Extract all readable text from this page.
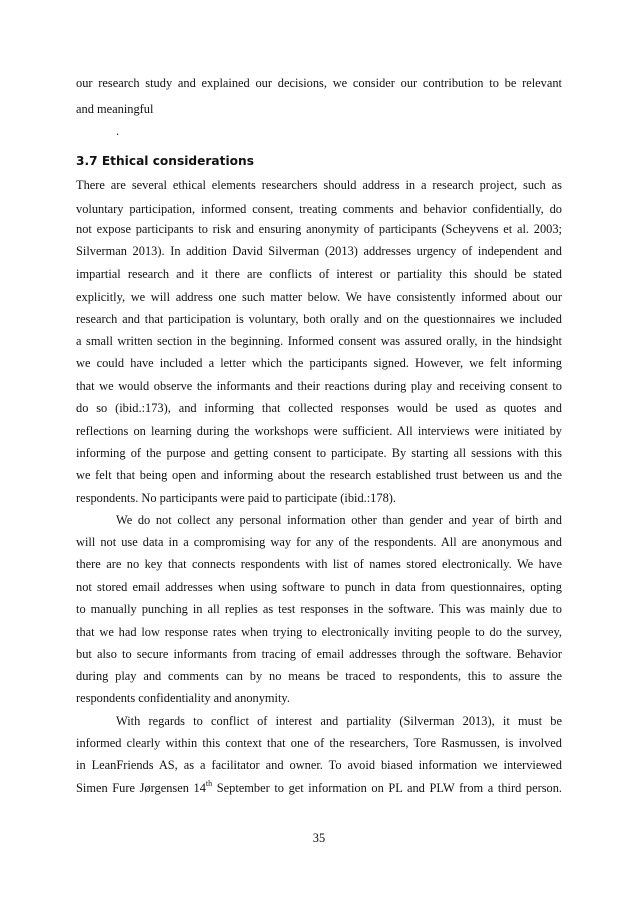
our research study and explained our decisions, we consider our contribution to be relevant
and meaningful
.
3.7 Ethical considerations
There are several ethical elements researchers should address in a research project, such as
voluntary participation, informed consent, treating comments and behavior confidentially, do
not expose participants to risk and ensuring anonymity of participants (Scheyvens et al. 2003;
Silverman 2013). In addition David Silverman (2013) addresses urgency of independent and
impartial research and it there are conflicts of interest or partiality this should be stated
explicitly, we will address one such matter below. We have consistently informed about our
research and that participation is voluntary, both orally and on the questionnaires we included
a small written section in the beginning. Informed consent was assured orally, in the hindsight
we could have included a letter which the participants signed. However, we felt informing
that we would observe the informants and their reactions during play and receiving consent to
do so (ibid.:173), and informing that collected responses would be used as quotes and
reflections on learning during the workshops were sufficient. All interviews were initiated by
informing of the purpose and getting consent to participate. By starting all sessions with this
we felt that being open and informing about the research established trust between us and the
respondents. No participants were paid to participate (ibid.:178).
We do not collect any personal information other than gender and year of birth and
will not use data in a compromising way for any of the respondents. All are anonymous and
there are no key that connects respondents with list of names stored electronically. We have
not stored email addresses when using software to punch in data from questionnaires, opting
to manually punching in all replies as test responses in the software. This was mainly due to
that we had low response rates when trying to electronically inviting people to do the survey,
but also to secure informants from tracing of email addresses through the software. Behavior
during play and comments can by no means be traced to respondents, this to assure the
respondents confidentiality and anonymity.
With regards to conflict of interest and partiality (Silverman 2013), it must be
informed clearly within this context that one of the researchers, Tore Rasmussen, is involved
in LeanFriends AS, as a facilitator and owner. To avoid biased information we interviewed
Simen Fure Jørgensen 14th September to get information on PL and PLW from a third person.
35
